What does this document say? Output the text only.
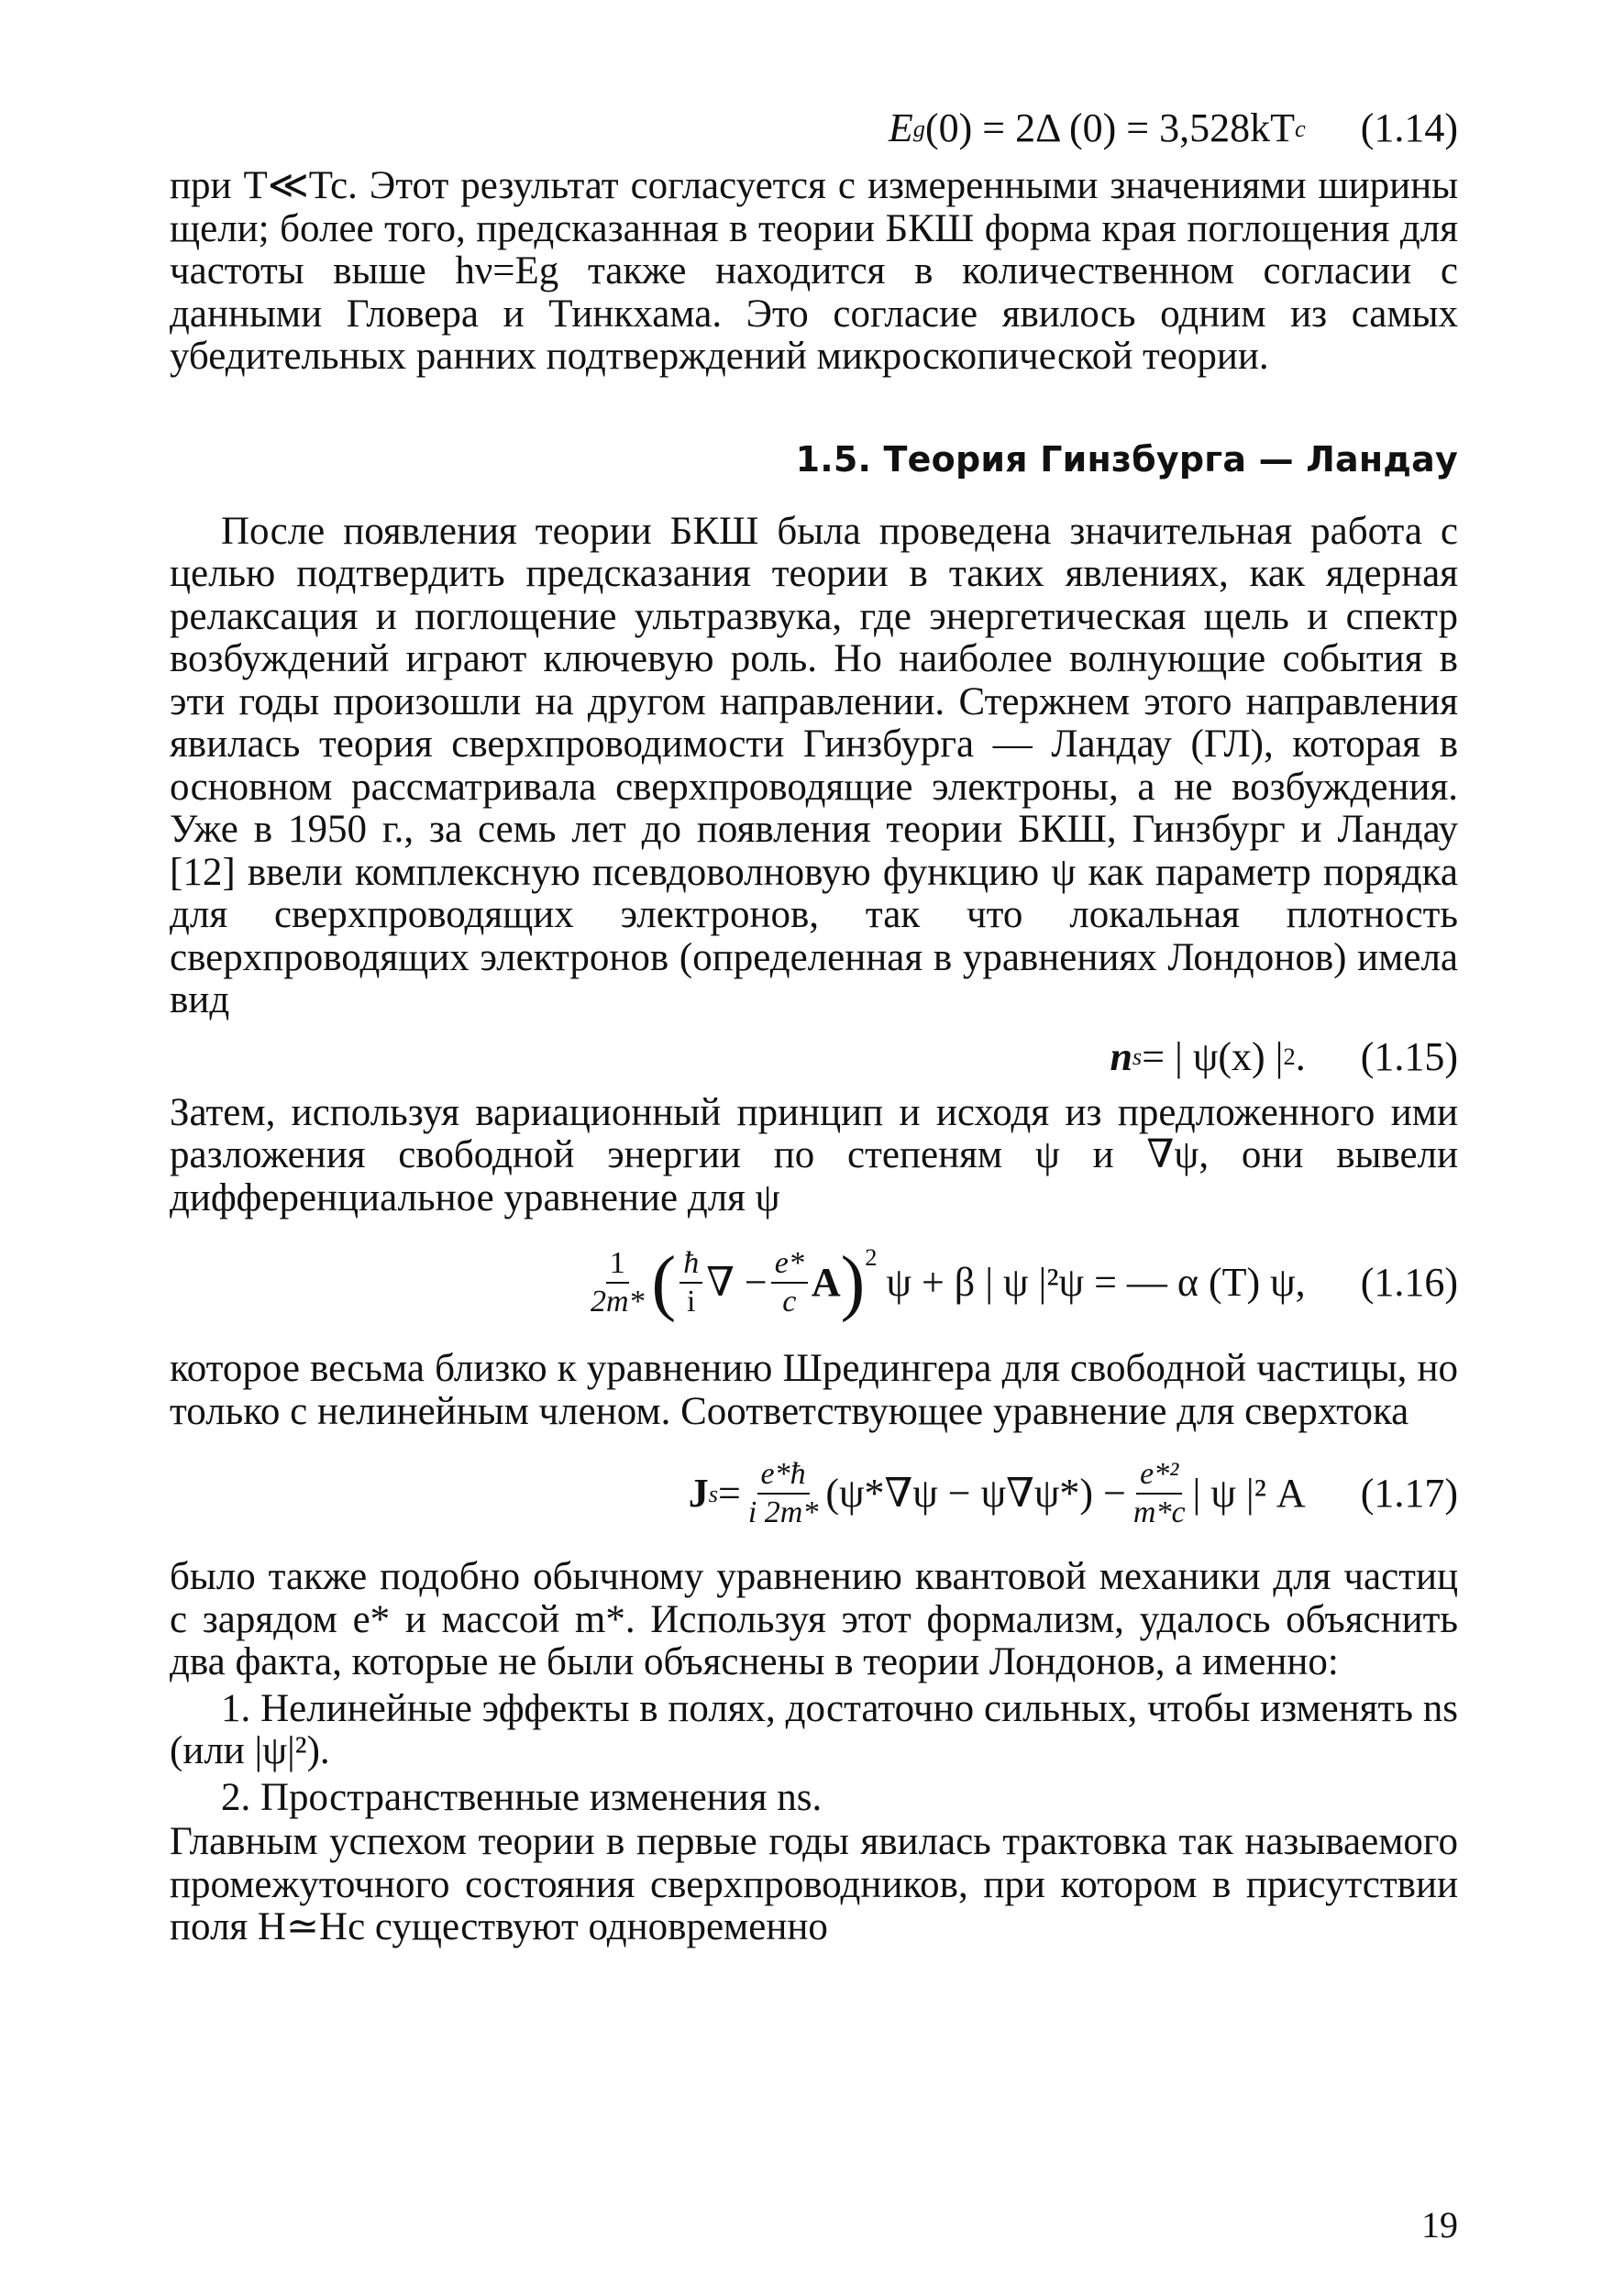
E g (0) = 2Δ (0) = 3,528kT c (1.14)

при T≪Tc. Этот результат согласуется с измеренными значениями ширины щели; более того, предсказанная в теории БКШ форма края поглощения для частоты выше hν=Eg также находится в количественном согласии с данными Гловера и Тинкхама. Это согласие явилось одним из самых убедительных ранних подтверждений микроскопической теории.

1.5. Теория Гинзбурга — Ландау

После появления теории БКШ была проведена значительная работа с целью подтвердить предсказания теории в таких явлениях, как ядерная релаксация и поглощение ультразвука, где энергетическая щель и спектр возбуждений играют ключевую роль. Но наиболее волнующие события в эти годы произошли на другом направлении. Стержнем этого направления явилась теория сверхпроводимости Гинзбурга — Ландау (ГЛ), которая в основном рассматривала сверхпроводящие электроны, а не возбуждения. Уже в 1950 г., за семь лет до появления теории БКШ, Гинзбург и Ландау [12] ввели комплексную псевдоволновую функцию ψ как параметр порядка для сверхпроводящих электронов, так что локальная плотность сверхпроводящих электронов (определенная в уравнениях Лондонов) имела вид

n s = | ψ(x) | 2 . (1.15)

Затем, используя вариационный принцип и исходя из предложенного ими разложения свободной энергии по степеням ψ и ∇ψ, они вывели дифференциальное уравнение для ψ

$\frac{1}{2m*}$ ( $\frac{ħ}{i}$ ∇ − $\frac{e*}{c}$ A ) 2
ψ + β | ψ |²ψ = — α (T) ψ, (1.16)

которое весьма близко к уравнению Шредингера для свободной частицы, но только с нелинейным членом. Соответствующее уравнение для сверхтока

J $s = \frac{e*ħ}{i 2m*} (\psi*\nabla\psi - \psi\nabla\psi*) - \frac{\text{e*²}}{m*c}$ | ψ |² A (1.17)

было также подобно обычному уравнению квантовой механики для частиц с зарядом e* и массой m*. Используя этот формализм, удалось объяснить два факта, которые не были объяснены в теории Лондонов, а именно:

1. Нелинейные эффекты в полях, достаточно сильных, чтобы изменять ns (или |ψ|²).

2. Пространственные изменения ns.

Главным успехом теории в первые годы явилась трактовка так называемого промежуточного состояния сверхпроводников, при котором в присутствии поля H≃Hc существуют одновременно

19
